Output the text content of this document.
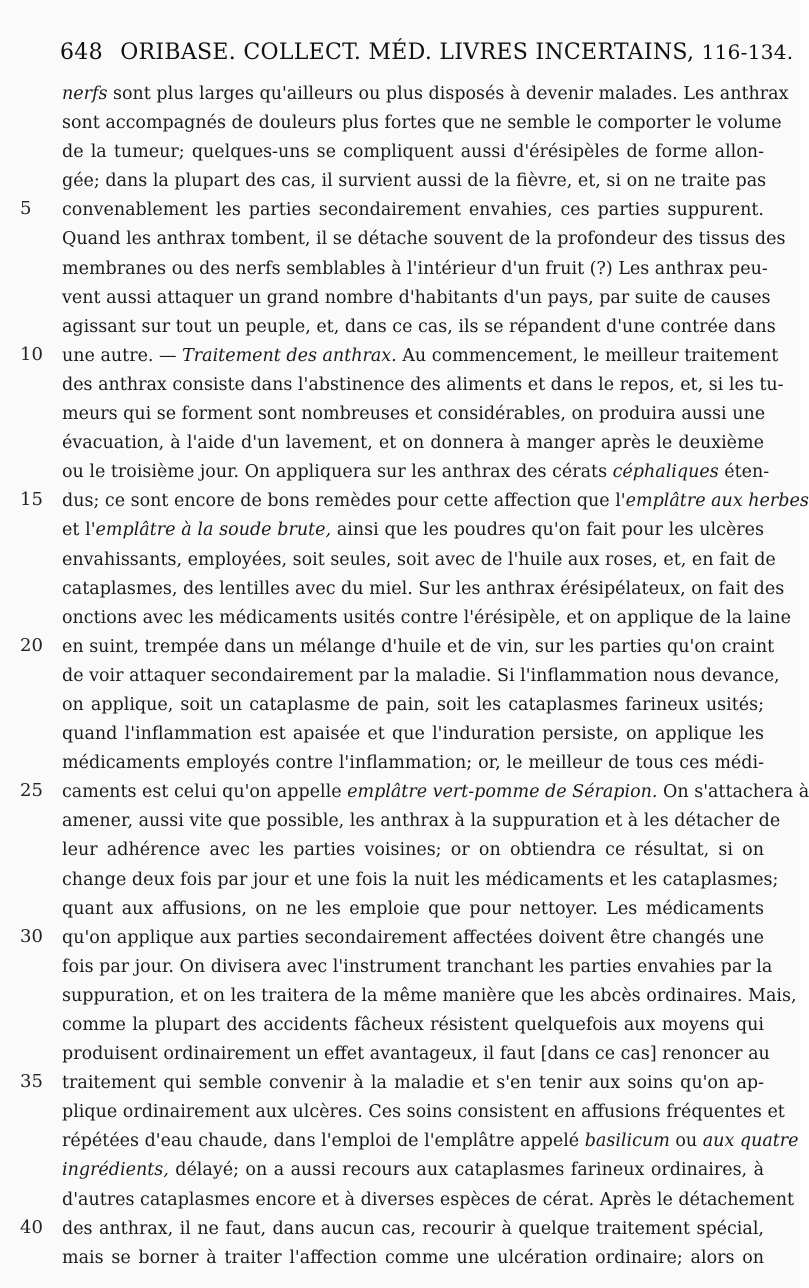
648 ORIBASE. COLLECT. MÉD. LIVRES INCERTAINS, 116-134.
nerfs sont plus larges qu'ailleurs ou plus disposés à devenir malades. Les anthrax
sont accompagnés de douleurs plus fortes que ne semble le comporter le volume
de la tumeur; quelques-uns se compliquent aussi d'érésipèles de forme allon-
gée; dans la plupart des cas, il survient aussi de la fièvre, et, si on ne traite pas
5	convenablement les parties secondairement envahies, ces parties suppurent.
Quand les anthrax tombent, il se détache souvent de la profondeur des tissus des
membranes ou des nerfs semblables à l'intérieur d'un fruit (?) Les anthrax peu-
vent aussi attaquer un grand nombre d'habitants d'un pays, par suite de causes
agissant sur tout un peuple, et, dans ce cas, ils se répandent d'une contrée dans
10	une autre. — Traitement des anthrax. Au commencement, le meilleur traitement
des anthrax consiste dans l'abstinence des aliments et dans le repos, et, si les tu-
meurs qui se forment sont nombreuses et considérables, on produira aussi une
évacuation, à l'aide d'un lavement, et on donnera à manger après le deuxième
ou le troisième jour. On appliquera sur les anthrax des cérats céphaliques éten-
15	dus; ce sont encore de bons remèdes pour cette affection que l'emplâtre aux herbes
et l'emplâtre à la soude brute, ainsi que les poudres qu'on fait pour les ulcères
envahissants, employées, soit seules, soit avec de l'huile aux roses, et, en fait de
cataplasmes, des lentilles avec du miel. Sur les anthrax érésipélateux, on fait des
onctions avec les médicaments usités contre l'érésipèle, et on applique de la laine
20	en suint, trempée dans un mélange d'huile et de vin, sur les parties qu'on craint
de voir attaquer secondairement par la maladie. Si l'inflammation nous devance,
on applique, soit un cataplasme de pain, soit les cataplasmes farineux usités;
quand l'inflammation est apaisée et que l'induration persiste, on applique les
médicaments employés contre l'inflammation; or, le meilleur de tous ces médi-
25	caments est celui qu'on appelle emplâtre vert-pomme de Sérapion. On s'attachera à
amener, aussi vite que possible, les anthrax à la suppuration et à les détacher de
leur adhérence avec les parties voisines; or on obtiendra ce résultat, si on
change deux fois par jour et une fois la nuit les médicaments et les cataplasmes;
quant aux affusions, on ne les emploie que pour nettoyer. Les médicaments
30	qu'on applique aux parties secondairement affectées doivent être changés une
fois par jour. On divisera avec l'instrument tranchant les parties envahies par la
suppuration, et on les traitera de la même manière que les abcès ordinaires. Mais,
comme la plupart des accidents fâcheux résistent quelquefois aux moyens qui
produisent ordinairement un effet avantageux, il faut [dans ce cas] renoncer au
35	traitement qui semble convenir à la maladie et s'en tenir aux soins qu'on ap-
plique ordinairement aux ulcères. Ces soins consistent en affusions fréquentes et
répétées d'eau chaude, dans l'emploi de l'emplâtre appelé basilicum ou aux quatre
ingrédients, délayé; on a aussi recours aux cataplasmes farineux ordinaires, à
d'autres cataplasmes encore et à diverses espèces de cérat. Après le détachement
40	des anthrax, il ne faut, dans aucun cas, recourir à quelque traitement spécial,
mais se borner à traiter l'affection comme une ulcération ordinaire; alors on
